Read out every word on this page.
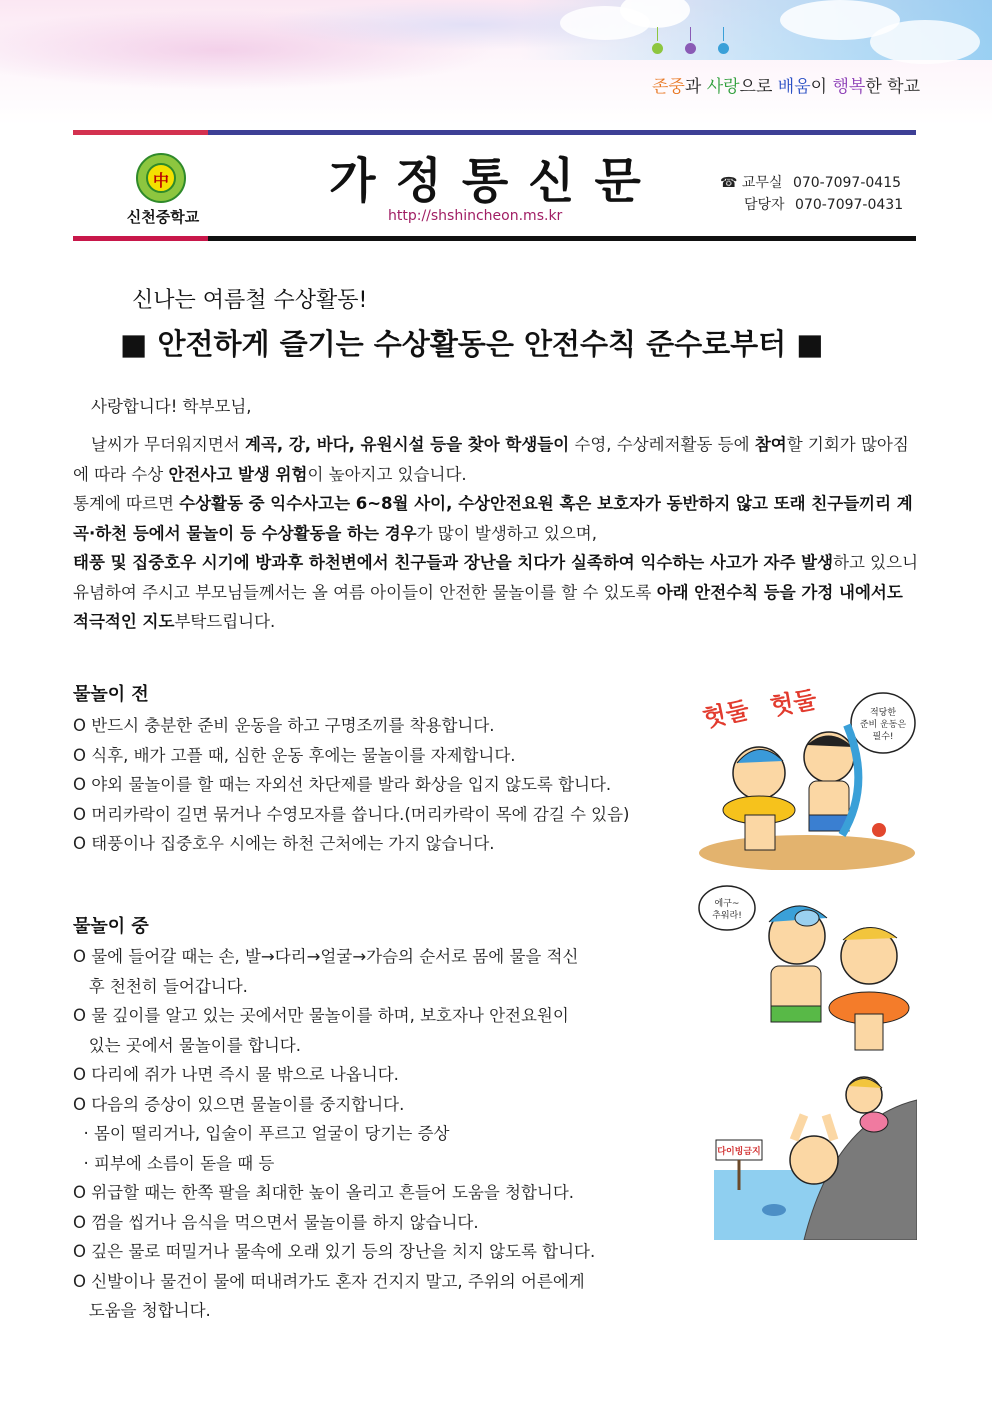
존중과 사랑으로 배움이 행복한 학교
中
신천중학교
가정통신문
http://shshincheon.ms.kr
☎ 교무실 070-7097-0415
담당자 070-7097-0431
신나는 여름철 수상활동!
■ 안전하게 즐기는 수상활동은 안전수칙 준수로부터 ■
사랑합니다! 학부모님,
날씨가 무더워지면서 계곡, 강, 바다, 유원시설 등을 찾아 학생들이 수영, 수상레저활동 등에 참여할 기회가 많아짐에 따라 수상 안전사고 발생 위험이 높아지고 있습니다.
통계에 따르면 수상활동 중 익수사고는 6~8월 사이, 수상안전요원 혹은 보호자가 동반하지 않고 또래 친구들끼리 계곡·하천 등에서 물놀이 등 수상활동을 하는 경우가 많이 발생하고 있으며,
태풍 및 집중호우 시기에 방과후 하천변에서 친구들과 장난을 치다가 실족하여 익수하는 사고가 자주 발생하고 있으니 유념하여 주시고 부모님들께서는 올 여름 아이들이 안전한 물놀이를 할 수 있도록 아래 안전수칙 등을 가정 내에서도 적극적인 지도부탁드립니다.
물놀이 전
O 반드시 충분한 준비 운동을 하고 구명조끼를 착용합니다.
O 식후, 배가 고플 때, 심한 운동 후에는 물놀이를 자제합니다.
O 야외 물놀이를 할 때는 자외선 차단제를 발라 화상을 입지 않도록 합니다.
O 머리카락이 길면 묶거나 수영모자를 씁니다.(머리카락이 목에 감길 수 있음)
O 태풍이나 집중호우 시에는 하천 근처에는 가지 않습니다.
헛둘 헛둘	적당한
준비 운동은
필수!
물놀이 중
O 물에 들어갈 때는 손, 발→다리→얼굴→가슴의 순서로 몸에 물을 적신
후 천천히 들어갑니다.
O 물 깊이를 알고 있는 곳에서만 물놀이를 하며, 보호자나 안전요원이
있는 곳에서 물놀이를 합니다.
O 다리에 쥐가 나면 즉시 물 밖으로 나옵니다.
O 다음의 증상이 있으면 물놀이를 중지합니다.
· 몸이 떨리거나, 입술이 푸르고 얼굴이 당기는 증상
· 피부에 소름이 돋을 때 등
O 위급할 때는 한쪽 팔을 최대한 높이 올리고 흔들어 도움을 청합니다.
O 껌을 씹거나 음식을 먹으면서 물놀이를 하지 않습니다.
O 깊은 물로 떠밀거나 물속에 오래 있기 등의 장난을 치지 않도록 합니다.
O 신발이나 물건이 물에 떠내려가도 혼자 건지지 말고, 주위의 어른에게
도움을 청합니다.
에구~
추워라!
다이빙금지
